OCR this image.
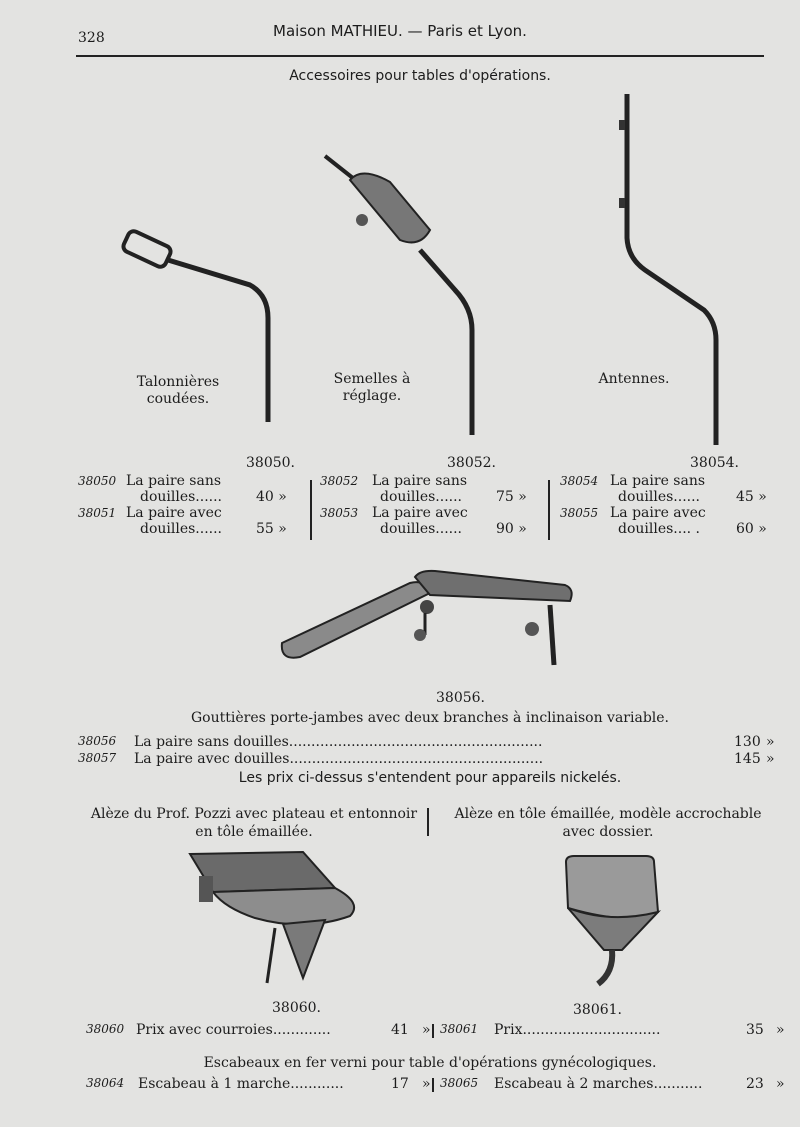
328	Maison MATHIEU. — Paris et Lyon.
Accessoires pour tables d'opérations.
Talonnières
coudées.
Semelles à
réglage.
Antennes.
38050.	38052.	38054.
38050 La paire sans
douilles...... 40 »
38051 La paire avec
douilles...... 55 »
38052 La paire sans
douilles...... 75 »
38053 La paire avec
douilles...... 90 »
38054 La paire sans
douilles......	45 »
38055 La paire avec
douilles.... .	60 »
38056.
Gouttières porte-jambes avec deux branches à inclinaison variable.
38056 La paire sans douilles.........................................................	130 »
38057 La paire avec douilles.........................................................	145 »
Les prix ci-dessus s'entendent pour appareils nickelés.
Alèze du Prof. Pozzi avec plateau et entonnoir
en tôle émaillée.
Alèze en tôle émaillée, modèle accrochable
avec dossier.
38060.	38061.
38060 Prix avec courroies.............	41 » 38061 Prix...............................	35 »
Escabeaux en fer verni pour table d'opérations gynécologiques.
38064 Escabeau à 1 marche............	17 » 38065 Escabeau à 2 marches...........	23 »
